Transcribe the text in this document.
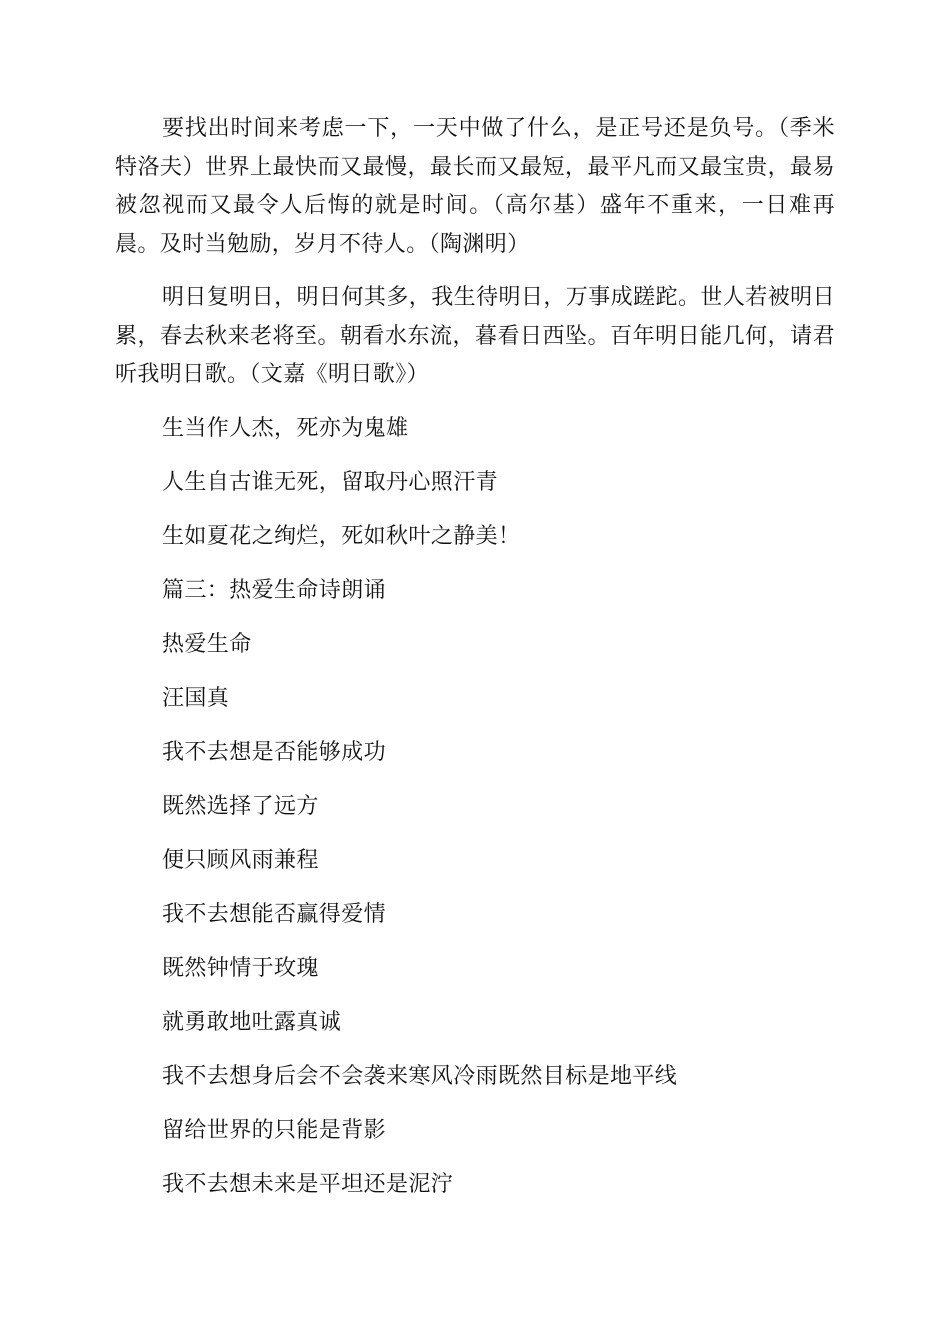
要找出时间来考虑一下，一天中做了什么，是正号还是负号。（季米特洛夫）世界上最快而又最慢，最长而又最短，最平凡而又最宝贵，最易被忽视而又最令人后悔的就是时间。（高尔基）盛年不重来，一日难再晨。及时当勉励，岁月不待人。（陶渊明）

明日复明日，明日何其多，我生待明日，万事成蹉跎。世人若被明日累，春去秋来老将至。朝看水东流，暮看日西坠。百年明日能几何，请君听我明日歌。（文嘉《明日歌》）

生当作人杰，死亦为鬼雄

人生自古谁无死，留取丹心照汗青

生如夏花之绚烂，死如秋叶之静美！

篇三：热爱生命诗朗诵

热爱生命

汪国真

我不去想是否能够成功

既然选择了远方

便只顾风雨兼程

我不去想能否赢得爱情

既然钟情于玫瑰

就勇敢地吐露真诚

我不去想身后会不会袭来寒风冷雨既然目标是地平线

留给世界的只能是背影

我不去想未来是平坦还是泥泞
